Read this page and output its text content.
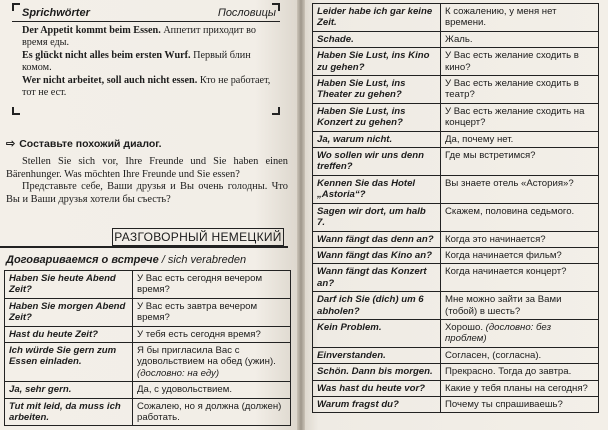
Sprichwörter	Пословицы

Der Appetit kommt beim Essen. Аппетит приходит во время еды.

Es glückt nicht alles beim ersten Wurf. Первый блин комом.

Wer nicht arbeitet, soll auch nicht essen. Кто не работает, тот не ест.

⇨ Составьте похожий диалог.

Stellen Sie sich vor, Ihre Freunde und Sie haben einen Bärenhunger. Was möchten Ihre Freunde und Sie essen?

Представьте себе, Ваши друзья и Вы очень голодны. Что Вы и Ваши друзья хотели бы съесть?

РАЗГОВОРНЫЙ НЕМЕЦКИЙ
Договариваемся о встрече / sich verabreden
Haben Sie heute Abend Zeit?	У Вас есть сегодня вечером время?
Haben Sie morgen Abend Zeit?	У Вас есть завтра вечером время?
Hast du heute Zeit?	У тебя есть сегодня время?
Ich würde Sie gern zum Essen einladen.	Я бы пригласила Вас с удовольствием на обед (ужин). (дословно: на еду)
Ja, sehr gern.	Да, с удовольствием.
Tut mit leid, da muss ich arbeiten.	Сожалею, но я должна (должен) работать.
Leider habe ich gar keine Zeit.	К сожалению, у меня нет времени.
Schade.	Жаль.
Haben Sie Lust, ins Kino zu gehen?	У Вас есть желание сходить в кино?
Haben Sie Lust, ins Theater zu gehen?	У Вас есть желание сходить в театр?
Haben Sie Lust, ins Konzert zu gehen?	У Вас есть желание сходить на концерт?
Ja, warum nicht.	Да, почему нет.
Wo sollen wir uns denn treffen?	Где мы встретимся?
Kennen Sie das Hotel „Astoria“?	Вы знаете отель «Астория»?
Sagen wir dort, um halb 7.	Скажем, половина седьмого.
Wann fängt das denn an?	Когда это начинается?
Wann fängt das Kino an?	Когда начинается фильм?
Wann fängt das Konzert an?	Когда начинается концерт?
Darf ich Sie (dich) um 6 abholen?	Мне можно зайти за Вами (тобой) в шесть?
Kein Problem.	Хорошо. (дословно: без проблем)
Einverstanden.	Согласен, (согласна).
Schön. Dann bis morgen.	Прекрасно. Тогда до завтра.
Was hast du heute vor?	Какие у тебя планы на сегодня?
Warum fragst du?	Почему ты спрашиваешь?
